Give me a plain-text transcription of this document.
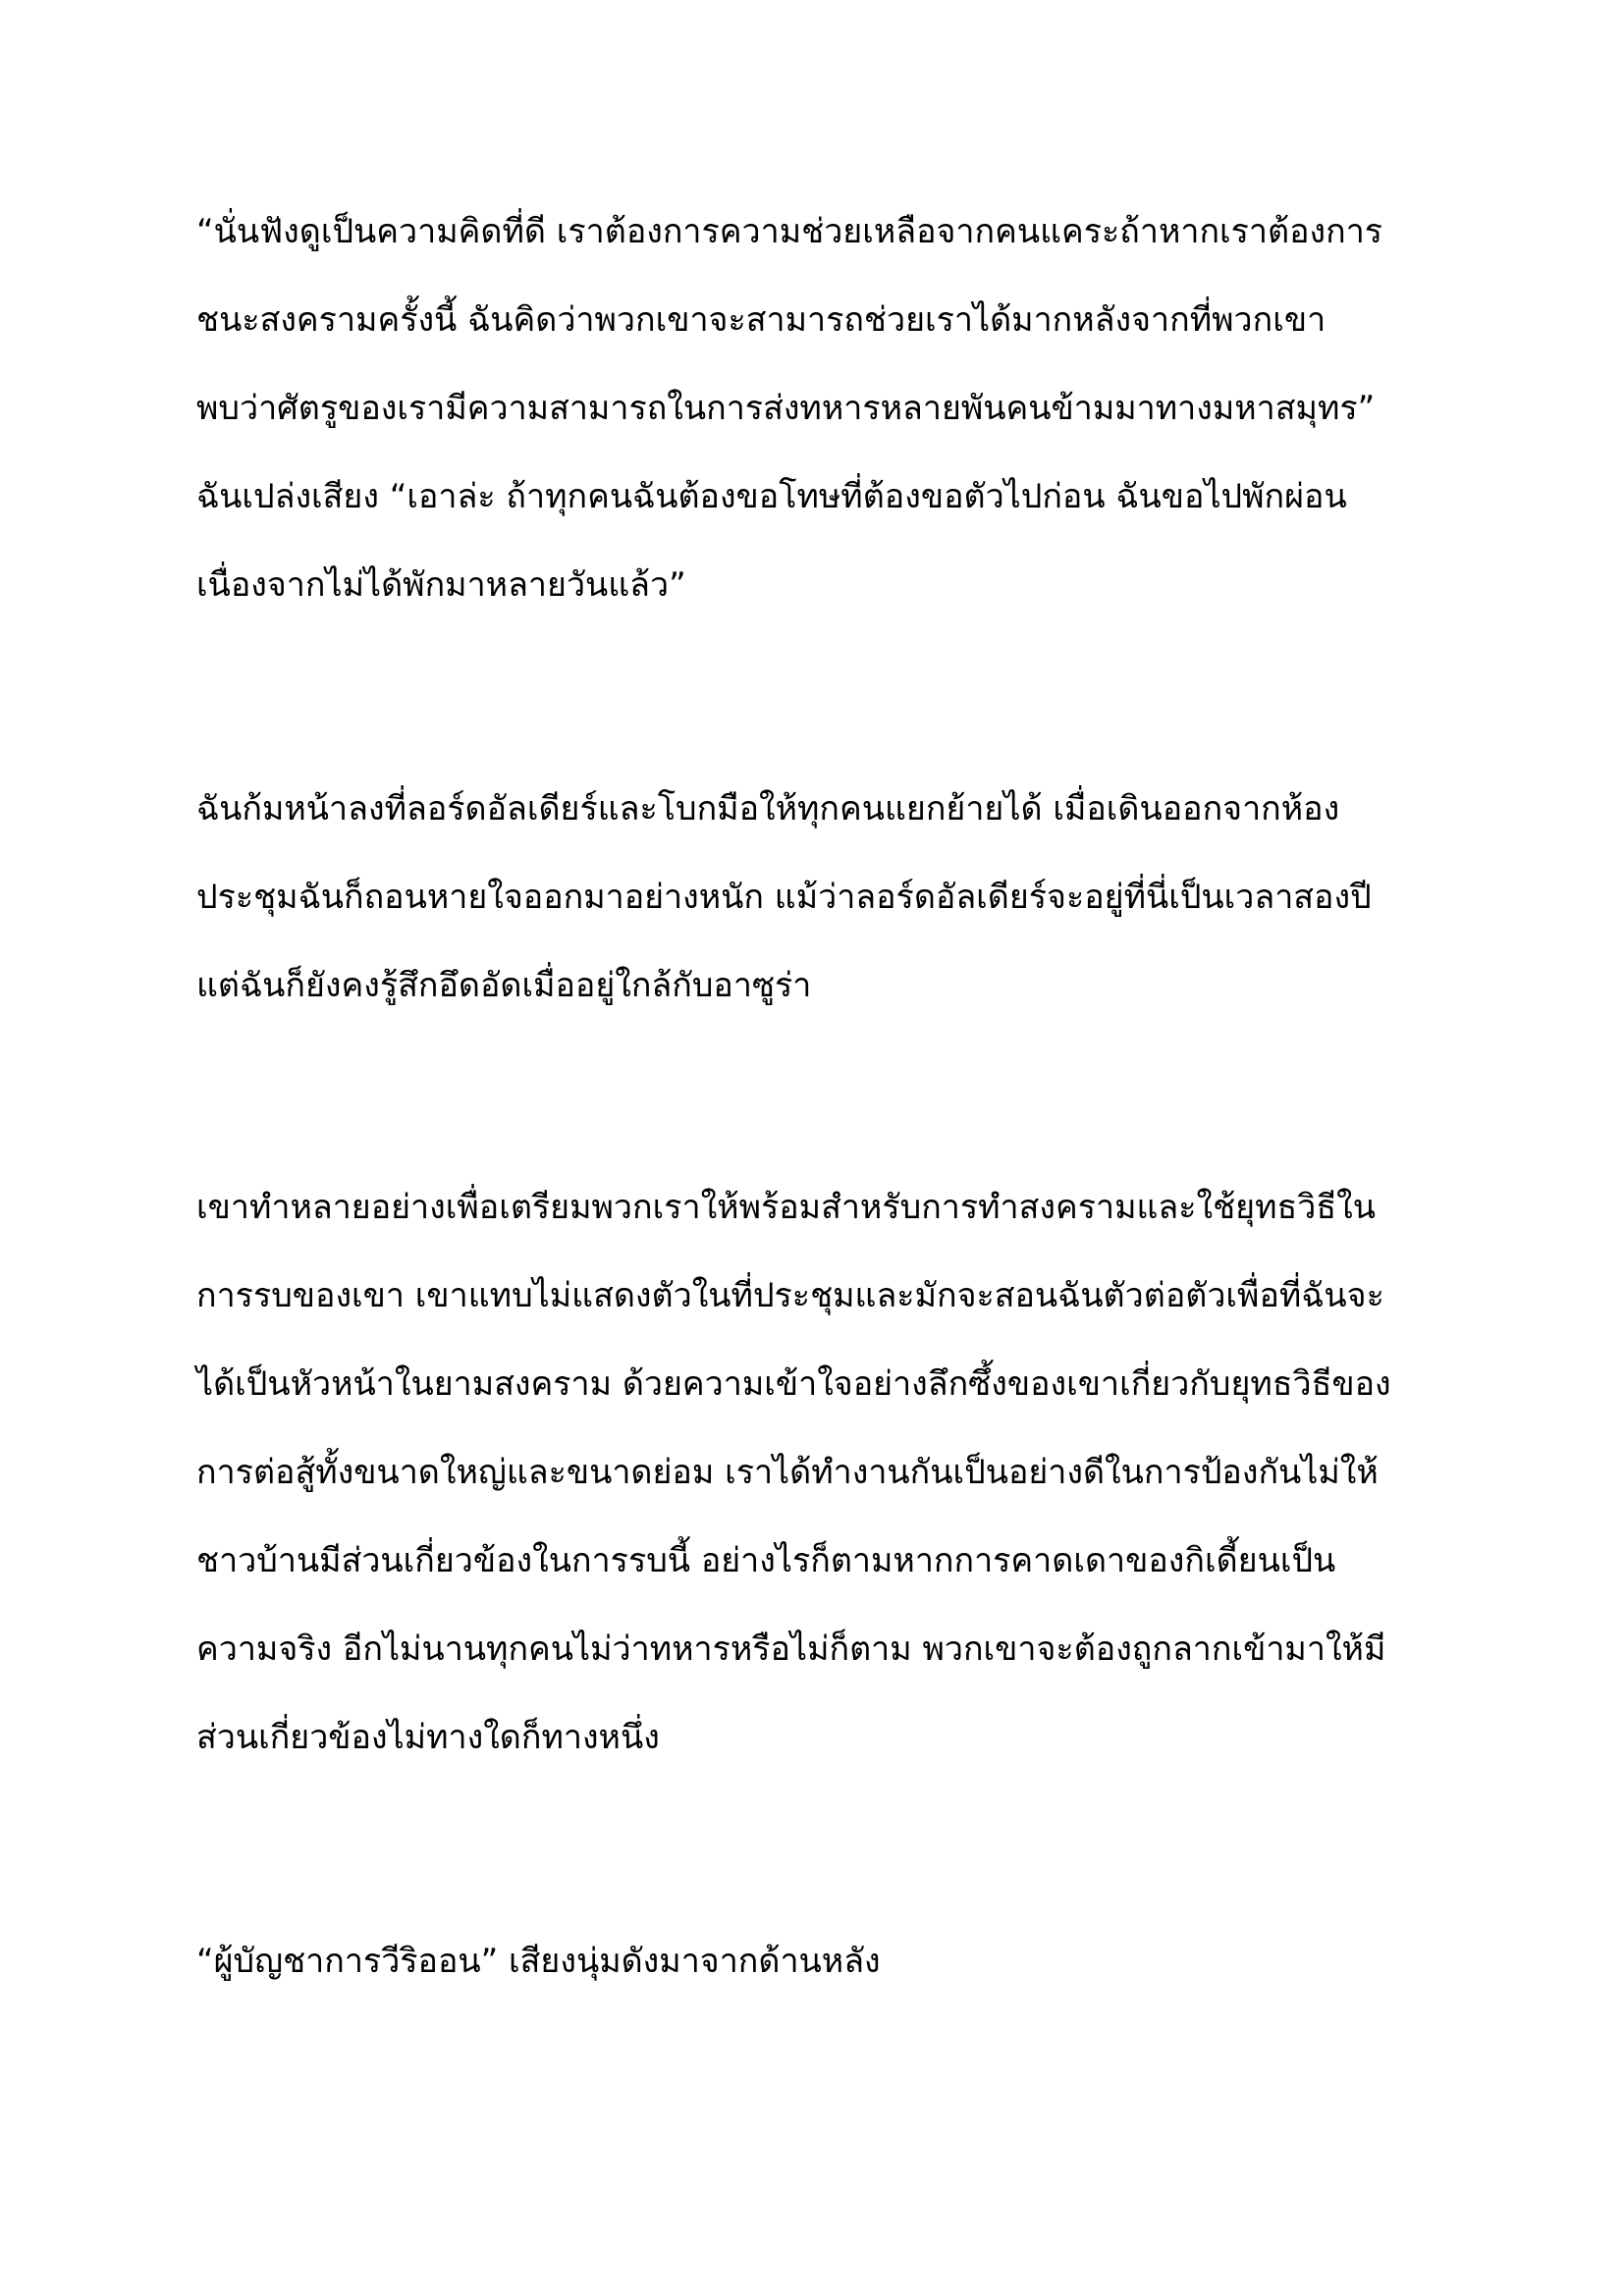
“นั่นฟังดูเป็นความคิดที่ดี เราต้องการความช่วยเหลือจากคนแคระถ้าหากเราต้องการ

ชนะสงครามครั้งนี้ ฉันคิดว่าพวกเขาจะสามารถช่วยเราได้มากหลังจากที่พวกเขา

พบว่าศัตรูของเรามีความสามารถในการส่งทหารหลายพันคนข้ามมาทางมหาสมุทร”

ฉันเปล่งเสียง “เอาล่ะ ถ้าทุกคนฉันต้องขอโทษที่ต้องขอตัวไปก่อน ฉันขอไปพักผ่อน

เนื่องจากไม่ได้พักมาหลายวันแล้ว”

ฉันก้มหน้าลงที่ลอร์ดอัลเดียร์และโบกมือให้ทุกคนแยกย้ายได้ เมื่อเดินออกจากห้อง

ประชุมฉันก็ถอนหายใจออกมาอย่างหนัก แม้ว่าลอร์ดอัลเดียร์จะอยู่ที่นี่เป็นเวลาสองปี

แต่ฉันก็ยังคงรู้สึกอึดอัดเมื่ออยู่ใกล้กับอาซูร่า

เขาทำหลายอย่างเพื่อเตรียมพวกเราให้พร้อมสำหรับการทำสงครามและใช้ยุทธวิธีใน

การรบของเขา เขาแทบไม่แสดงตัวในที่ประชุมและมักจะสอนฉันตัวต่อตัวเพื่อที่ฉันจะ

ได้เป็นหัวหน้าในยามสงคราม ด้วยความเข้าใจอย่างลึกซึ้งของเขาเกี่ยวกับยุทธวิธีของ

การต่อสู้ทั้งขนาดใหญ่และขนาดย่อม เราได้ทำงานกันเป็นอย่างดีในการป้องกันไม่ให้

ชาวบ้านมีส่วนเกี่ยวข้องในการรบนี้ อย่างไรก็ตามหากการคาดเดาของกิเดี้ยนเป็น

ความจริง อีกไม่นานทุกคนไม่ว่าทหารหรือไม่ก็ตาม พวกเขาจะต้องถูกลากเข้ามาให้มี

ส่วนเกี่ยวข้องไม่ทางใดก็ทางหนึ่ง

“ผู้บัญชาการวีริออน” เสียงนุ่มดังมาจากด้านหลัง
